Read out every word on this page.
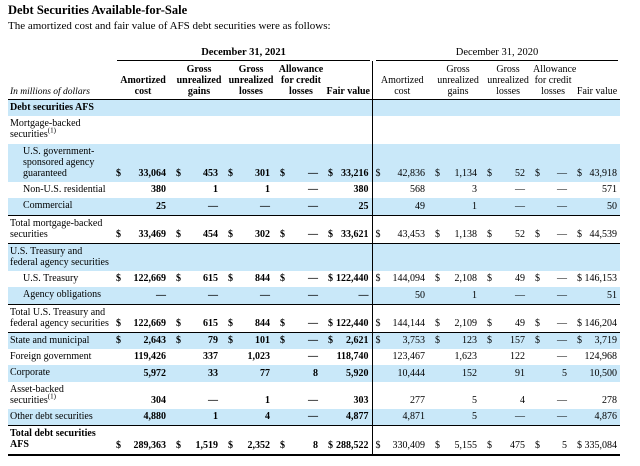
Debt Securities Available-for-Sale

The amortized cost and fair value of AFS debt securities were as follows:

	December 31, 2021					December 31, 2020				

In millions of dollars	Amortized cost	Gross unrealized gains	Gross unrealized losses	Allowance for credit losses	Fair value	Amortized cost	Gross unrealized gains	Gross unrealized losses	Allowance for credit losses	Fair value
Debt securities AFS										
Mortgage-backed securities$^{(1)}$										
U.S. government-sponsored agency guaranteed	$ 33,064	$ 453	$ 301	$ —	$ 33,216	$ 42,836	$ 1,134	$ 52	$ —	$ 43,918

Non-U.S. residential	380	1	1	—	380	568	3	—	—	571

Commercial	25	—	—	—	25	49	1	—	—	50

Total mortgage-backed securities	$ 33,469	$ 454	$ 302	$ —	$ 33,621	$ 43,453	$ 1,138	$ 52	$ —	$ 44,539

U.S. Treasury and federal agency securities										
U.S. Treasury	$ 122,669	$ 615	$ 844	$ —	$ 122,440	$ 144,094	$ 2,108	$ 49	$ —	$ 146,153

Agency obligations	—	—	—	—	—	50	1	—	—	51

Total U.S. Treasury and federal agency securities	$ 122,669	$ 615	$ 844	$ —	$ 122,440	$ 144,144	$ 2,109	$ 49	$ —	$ 146,204

State and municipal	$ 2,643	$ 79	$ 101	$ —	$ 2,621	$ 3,753	$ 123	$ 157	$ —	$ 3,719

Foreign government	119,426	337	1,023	—	118,740	123,467	1,623	122	—	124,968

Corporate	5,972	33	77	8	5,920	10,444	152	91	5	10,500

Asset-backed securities$^{(1)}$	304	—	1	—	303	277	5	4	—	278

Other debt securities	4,880	1	4	—	4,877	4,871	5	—	—	4,876

Total debt securities AFS	$ 289,363	$ 1,519	$ 2,352	$ 8	$ 288,522	$ 330,409	$ 5,155	$ 475	$ 5	$ 335,084
